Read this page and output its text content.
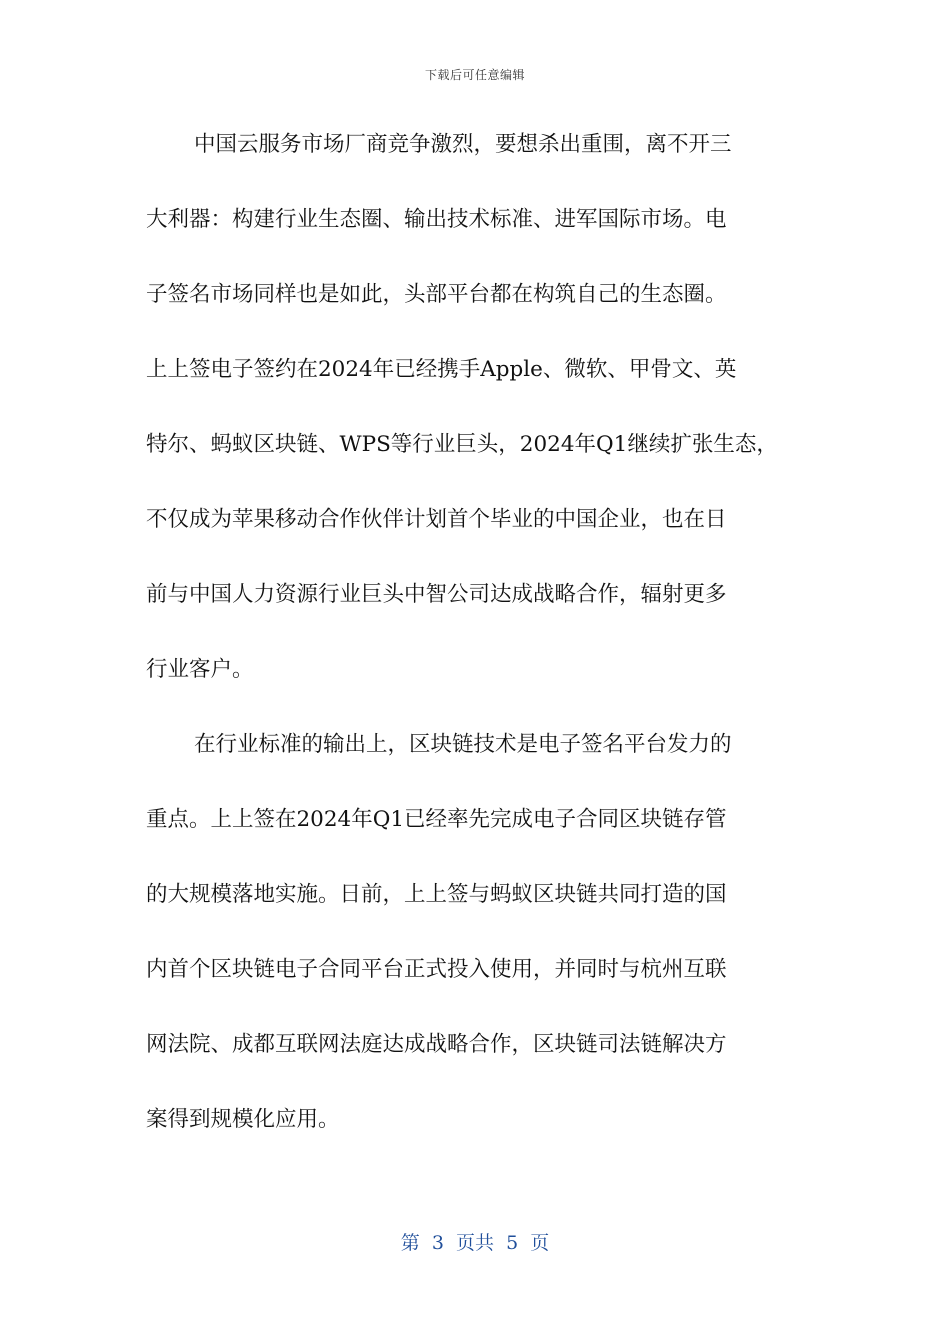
下载后可任意编辑
中国云服务市场厂商竞争激烈，要想杀出重围，离不开三
大利器：构建行业生态圈、输出技术标准、进军国际市场。电
子签名市场同样也是如此，头部平台都在构筑自己的生态圈。
上上签电子签约在2024年已经携手Apple、微软、甲骨文、英
特尔、蚂蚁区块链、WPS等行业巨头，2024年Q1继续扩张生态，
不仅成为苹果移动合作伙伴计划首个毕业的中国企业，也在日
前与中国人力资源行业巨头中智公司达成战略合作，辐射更多
行业客户。
在行业标准的输出上，区块链技术是电子签名平台发力的
重点。上上签在2024年Q1已经率先完成电子合同区块链存管
的大规模落地实施。日前，上上签与蚂蚁区块链共同打造的国
内首个区块链电子合同平台正式投入使用，并同时与杭州互联
网法院、成都互联网法庭达成战略合作，区块链司法链解决方
案得到规模化应用。
第  3  页共  5  页
